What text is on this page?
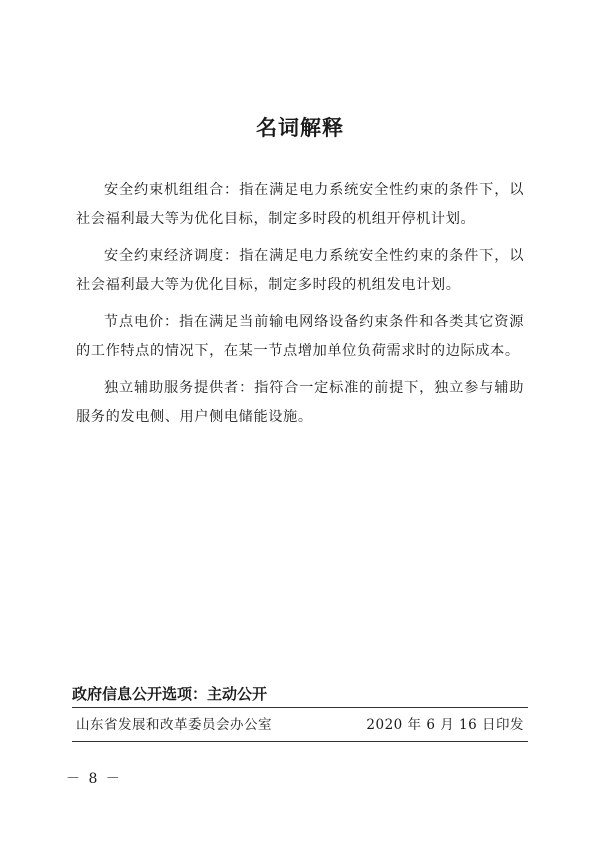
名词解释

安全约束机组组合：指在满足电力系统安全性约束的条件下，以社会福利最大等为优化目标，制定多时段的机组开停机计划。

安全约束经济调度：指在满足电力系统安全性约束的条件下，以社会福利最大等为优化目标，制定多时段的机组发电计划。

节点电价：指在满足当前输电网络设备约束条件和各类其它资源的工作特点的情况下，在某一节点增加单位负荷需求时的边际成本。

独立辅助服务提供者：指符合一定标准的前提下，独立参与辅助服务的发电侧、用户侧电储能设施。

政府信息公开选项：主动公开
山东省发展和改革委员会办公室	2020 年 6 月 16 日印发
－ 8 －
